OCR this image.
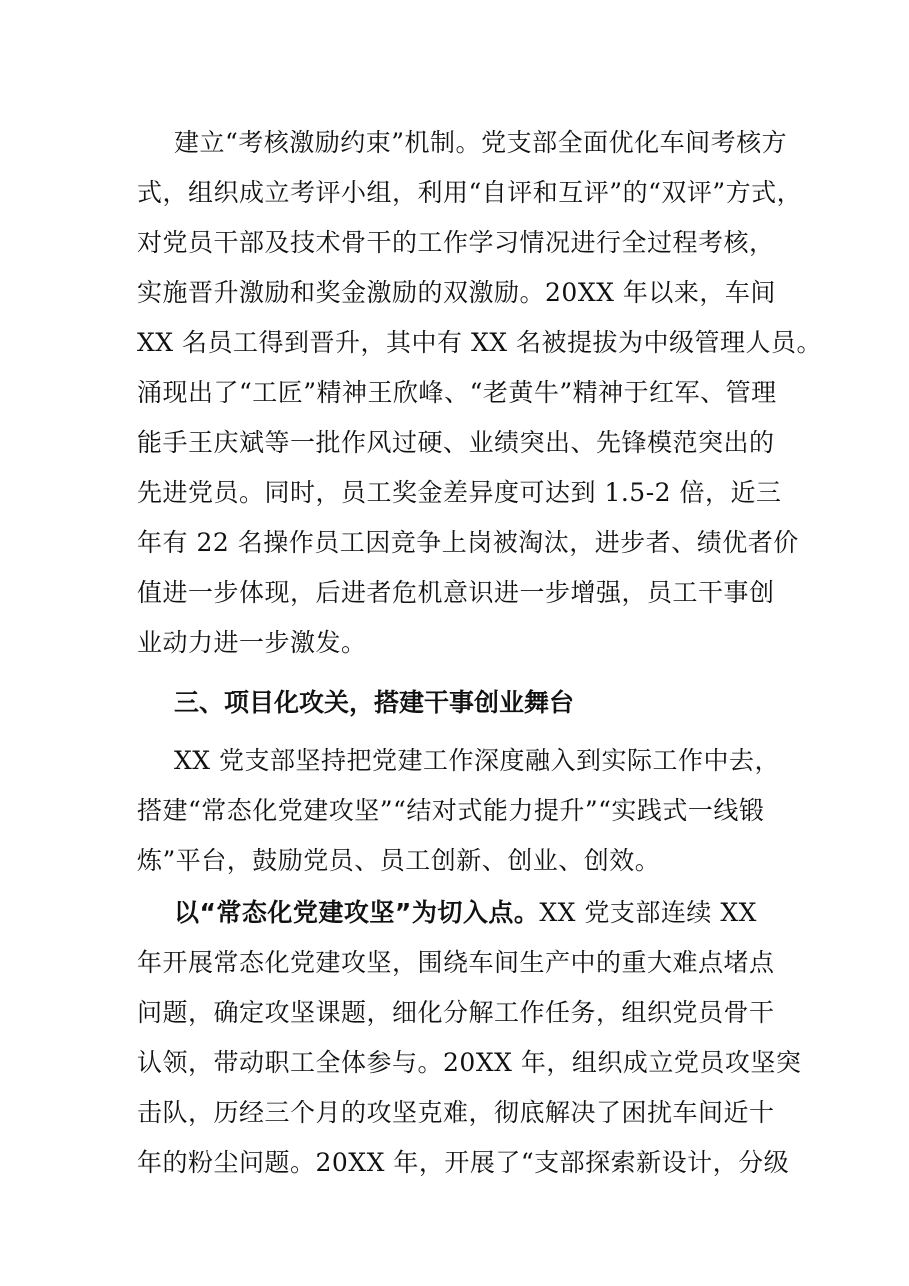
建立“考核激励约束”机制。党支部全面优化车间考核方
式，组织成立考评小组，利用“自评和互评”的“双评”方式，
对党员干部及技术骨干的工作学习情况进行全过程考核，
实施晋升激励和奖金激励的双激励。20XX 年以来，车间
XX 名员工得到晋升，其中有 XX 名被提拔为中级管理人员。
涌现出了“工匠”精神王欣峰、“老黄牛”精神于红军、管理
能手王庆斌等一批作风过硬、业绩突出、先锋模范突出的
先进党员。同时，员工奖金差异度可达到 1.5-2 倍，近三
年有 22 名操作员工因竞争上岗被淘汰，进步者、绩优者价
值进一步体现，后进者危机意识进一步增强，员工干事创
业动力进一步激发。
三、项目化攻关，搭建干事创业舞台
XX 党支部坚持把党建工作深度融入到实际工作中去，
搭建“常态化党建攻坚”“结对式能力提升”“实践式一线锻
炼”平台，鼓励党员、员工创新、创业、创效。
以“常态化党建攻坚”为切入点。XX 党支部连续 XX
年开展常态化党建攻坚，围绕车间生产中的重大难点堵点
问题，确定攻坚课题，细化分解工作任务，组织党员骨干
认领，带动职工全体参与。20XX 年，组织成立党员攻坚突
击队，历经三个月的攻坚克难，彻底解决了困扰车间近十
年的粉尘问题。20XX 年，开展了“支部探索新设计，分级
